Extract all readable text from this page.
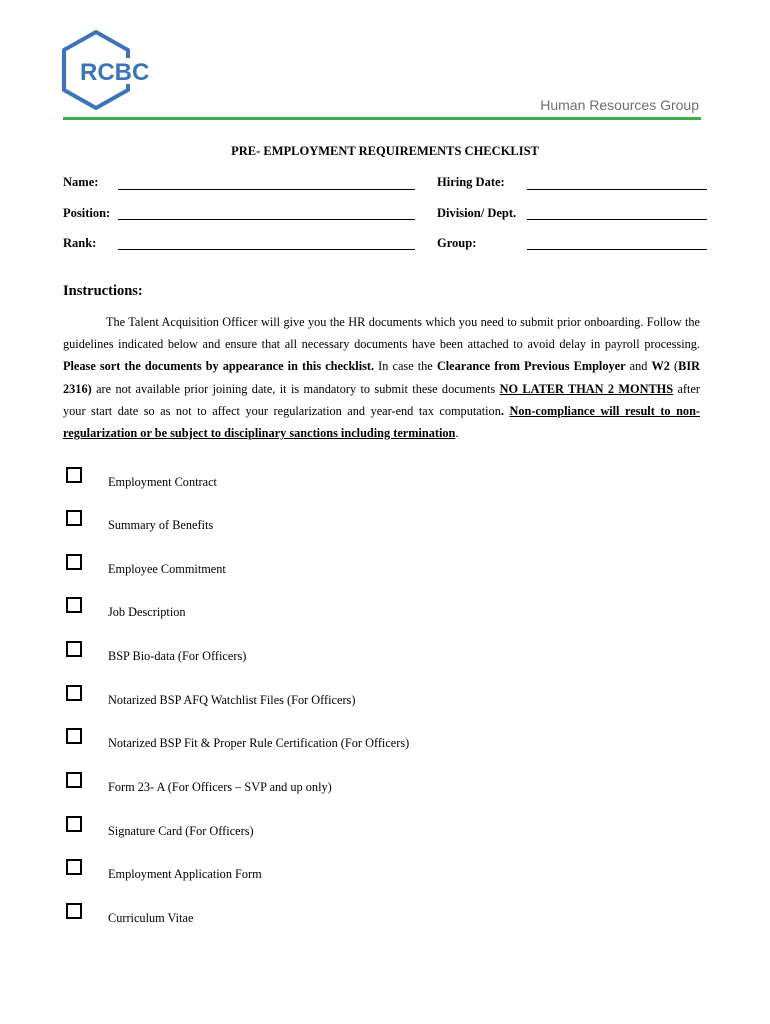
RCBC
Human Resources Group
PRE- EMPLOYMENT REQUIREMENTS CHECKLIST
Name:	Hiring Date:
Position:	Division/ Dept.
Rank:	Group:
Instructions:

The Talent Acquisition Officer will give you the HR documents which you need to submit prior onboarding. Follow the guidelines indicated below and ensure that all necessary documents have been attached to avoid delay in payroll processing. Please sort the documents by appearance in this checklist. In case the Clearance from Previous Employer and W2 (BIR 2316) are not available prior joining date, it is mandatory to submit these documents NO LATER THAN 2 MONTHS after your start date so as not to affect your regularization and year-end tax computation. Non-compliance will result to non-regularization or be subject to disciplinary sanctions including termination.

Employment Contract
Summary of Benefits
Employee Commitment
Job Description
BSP Bio-data (For Officers)
Notarized BSP AFQ Watchlist Files (For Officers)
Notarized BSP Fit & Proper Rule Certification (For Officers)
Form 23- A (For Officers – SVP and up only)
Signature Card (For Officers)
Employment Application Form
Curriculum Vitae
